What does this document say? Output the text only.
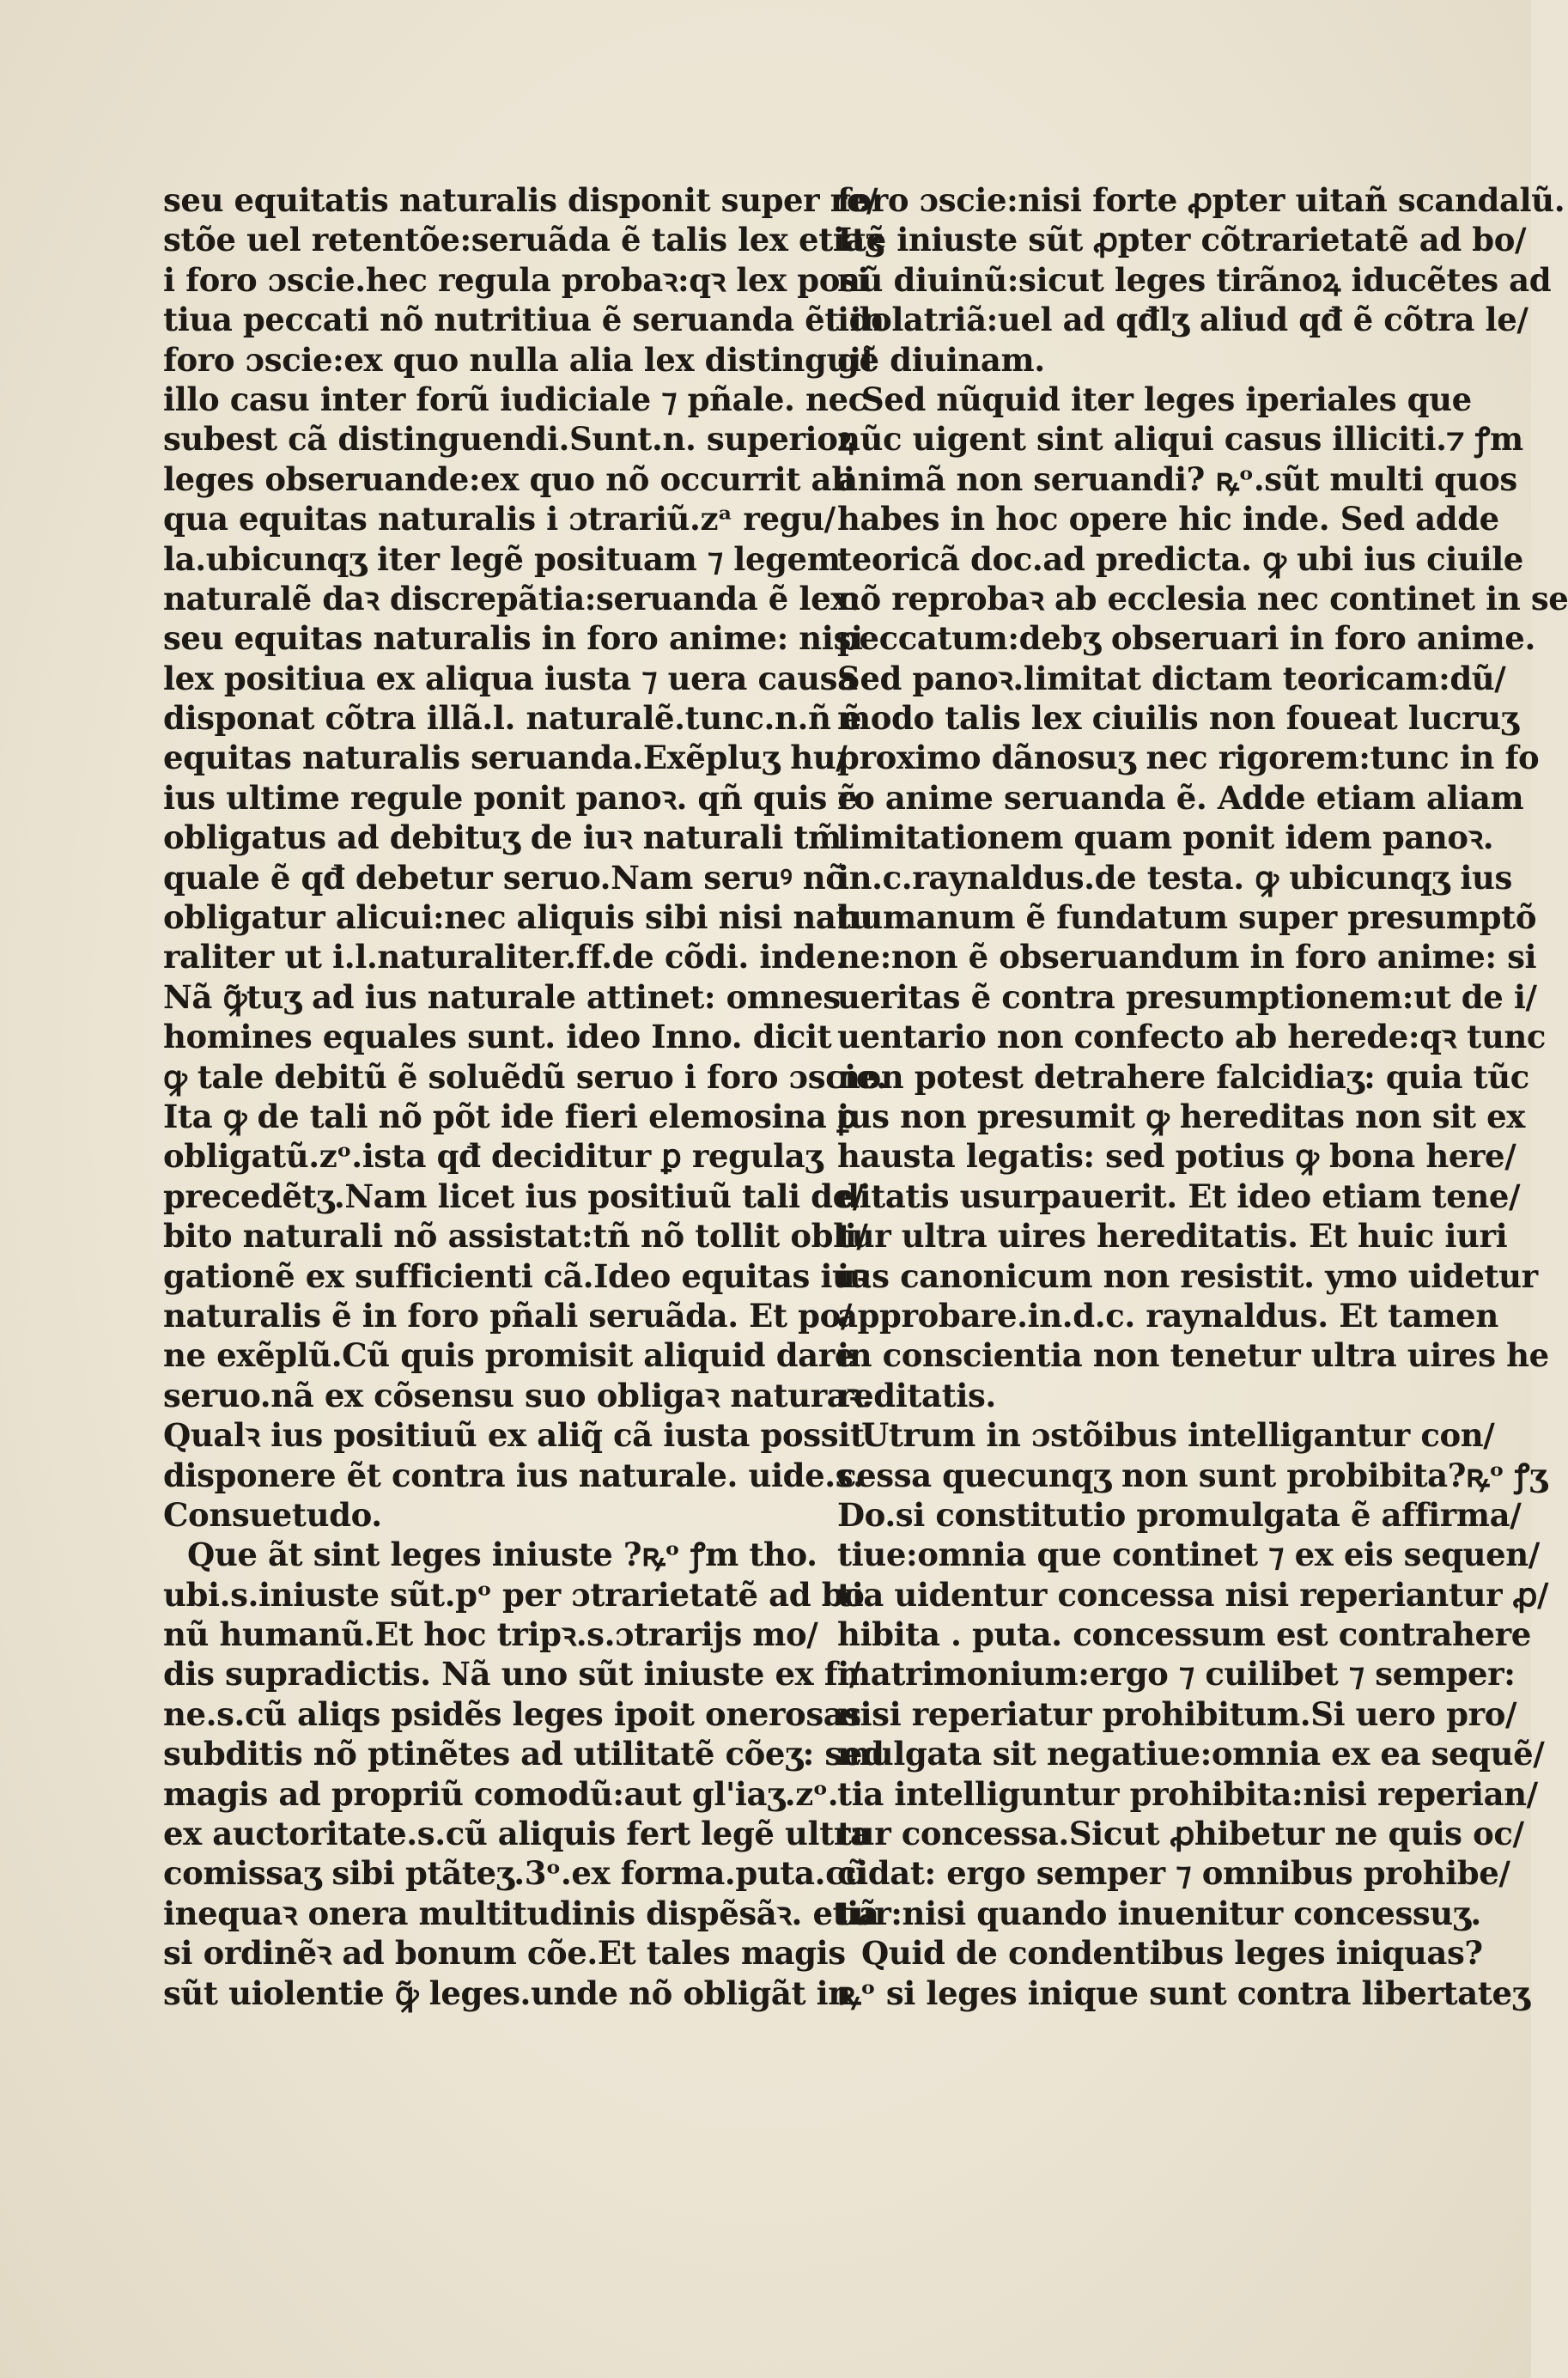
seu equitatis naturalis disponit super re/
stõe uel retentõe:seruãda ẽ talis lex etiaʒ
i foro ɔscie.hec regula probaꝛ:qꝛ lex posi
tiua peccati nõ nutritiua ẽ seruanda ẽt in
foro ɔscie:ex quo nulla alia lex distinguit
illo casu inter forũ iudiciale ⁊ pñale. nec
subest cã distinguendi.Sunt.n. superioꝝ
leges obseruande:ex quo nõ occurrit ali
qua equitas naturalis i ɔtrariũ.zᵃ regu/
la.ubicunqʒ iter legẽ posituam ⁊ legem
naturalẽ daꝛ discrepãtia:seruanda ẽ lex:
seu equitas naturalis in foro anime: nisi
lex positiua ex aliqua iusta ⁊ uera causa
disponat cõtra illã.l. naturalẽ.tunc.n.ñ ẽ
equitas naturalis seruanda.Exẽpluʒ hu/
ius ultime regule ponit panoꝛ. qñ quis ẽ
obligatus ad debituʒ de iuꝛ naturali tm̃
quale ẽ qđ debetur seruo.Nam seruꝰ nõ
obligatur alicui:nec aliquis sibi nisi natu
raliter ut i.l.naturaliter.ff.de cõdi. inde.
Nã ꝙ̃tuʒ ad ius naturale attinet: omnes
homines equales sunt. ideo Inno. dicit
ꝙ tale debitũ ẽ soluẽdũ seruo i foro ɔscie.
Ita ꝙ de tali nõ põt ide fieri elemosina ꝑ
obligatũ.zᵒ.ista qđ deciditur ꝑ regulaʒ
precedẽtʒ.Nam licet ius positiuũ tali de/
bito naturali nõ assistat:tñ nõ tollit obli/
gationẽ ex sufficienti cã.Ideo equitas iuꝛ
naturalis ẽ in foro pñali seruãda. Et po/
ne exẽplũ.Cũ quis promisit aliquid dare
seruo.nã ex cõsensu suo obligaꝛ naturaꝛ.
Qualꝛ ius positiuũ ex aliq̃ cã iusta possit
disponere ẽt contra ius naturale. uide.s.
Consuetudo.
Que ãt sint leges iniuste ?ꝶᵒ ꝭm tho.
ubi.s.iniuste sũt.pᵒ per ɔtrarietatẽ ad bo
nũ humanũ.Et hoc tripꝛ.s.ɔtrarijs mo/
dis supradictis. Nã uno sũt iniuste ex fi/
ne.s.cũ aliqs psidẽs leges ipoit onerosas
subditis nõ ptinẽtes ad utilitatẽ cõeʒ: sed
magis ad propriũ comodũ:aut gl'iaʒ.zᵒ.
ex auctoritate.s.cũ aliquis fert legẽ ultra
comissaʒ sibi ptãteʒ.3ᵒ.ex forma.puta.cũ
inequaꝛ onera multitudinis dispẽsãꝛ. etiã
si ordinẽꝛ ad bonum cõe.Et tales magis
sũt uiolentie ꝙ̃ leges.unde nõ obligãt in
foro ɔscie:nisi forte ꝓpter uitañ scandalũ.
Itẽ iniuste sũt ꝓpter cõtrarietatẽ ad bo/
nũ diuinũ:sicut leges tirãnoꝝ iducẽtes ad
idolatriã:uel ad qđlʒ aliud qđ ẽ cõtra le/
gẽ diuinam.
Sed nũquid iter leges iperiales que
nũc uigent sint aliqui casus illiciti.⁊ ꝭm
animã non seruandi? ꝶᵒ.sũt multi quos
habes in hoc opere hic inde. Sed adde
teoricã doc.ad predicta. ꝙ ubi ius ciuile
nõ reprobaꝛ ab ecclesia nec continet in se
peccatum:debʒ obseruari in foro anime.
Sed panoꝛ.limitat dictam teoricam:dũ/
modo talis lex ciuilis non foueat lucruʒ
proximo dãnosuʒ nec rigorem:tunc in fo
ro anime seruanda ẽ. Adde etiam aliam
limitationem quam ponit idem panoꝛ.
in.c.raynaldus.de testa. ꝙ ubicunqʒ ius
humanum ẽ fundatum super presumptõ
ne:non ẽ obseruandum in foro anime: si
ueritas ẽ contra presumptionem:ut de i/
uentario non confecto ab herede:qꝛ tunc
non potest detrahere falcidiaʒ: quia tũc
ius non presumit ꝙ hereditas non sit ex
hausta legatis: sed potius ꝙ bona here/
ditatis usurpauerit. Et ideo etiam tene/
tur ultra uires hereditatis. Et huic iuri
ius canonicum non resistit. ymo uidetur
approbare.in.d.c. raynaldus. Et tamen
in conscientia non tenetur ultra uires he
reditatis.
Utrum in ɔstõibus intelligantur con/
cessa quecunqʒ non sunt probibita?ꝶᵒ ꝭʒ
Do.si constitutio promulgata ẽ affirma/
tiue:omnia que continet ⁊ ex eis sequen/
tia uidentur concessa nisi reperiantur ꝓ/
hibita . puta. concessum est contrahere
matrimonium:ergo ⁊ cuilibet ⁊ semper:
nisi reperiatur prohibitum.Si uero pro/
mulgata sit negatiue:omnia ex ea sequẽ/
tia intelliguntur prohibita:nisi reperian/
tur concessa.Sicut ꝓhibetur ne quis oc/
cidat: ergo semper ⁊ omnibus prohibe/
tur:nisi quando inuenitur concessuʒ.
Quid de condentibus leges iniquas?
ꝶᵒ si leges inique sunt contra libertateʒ
